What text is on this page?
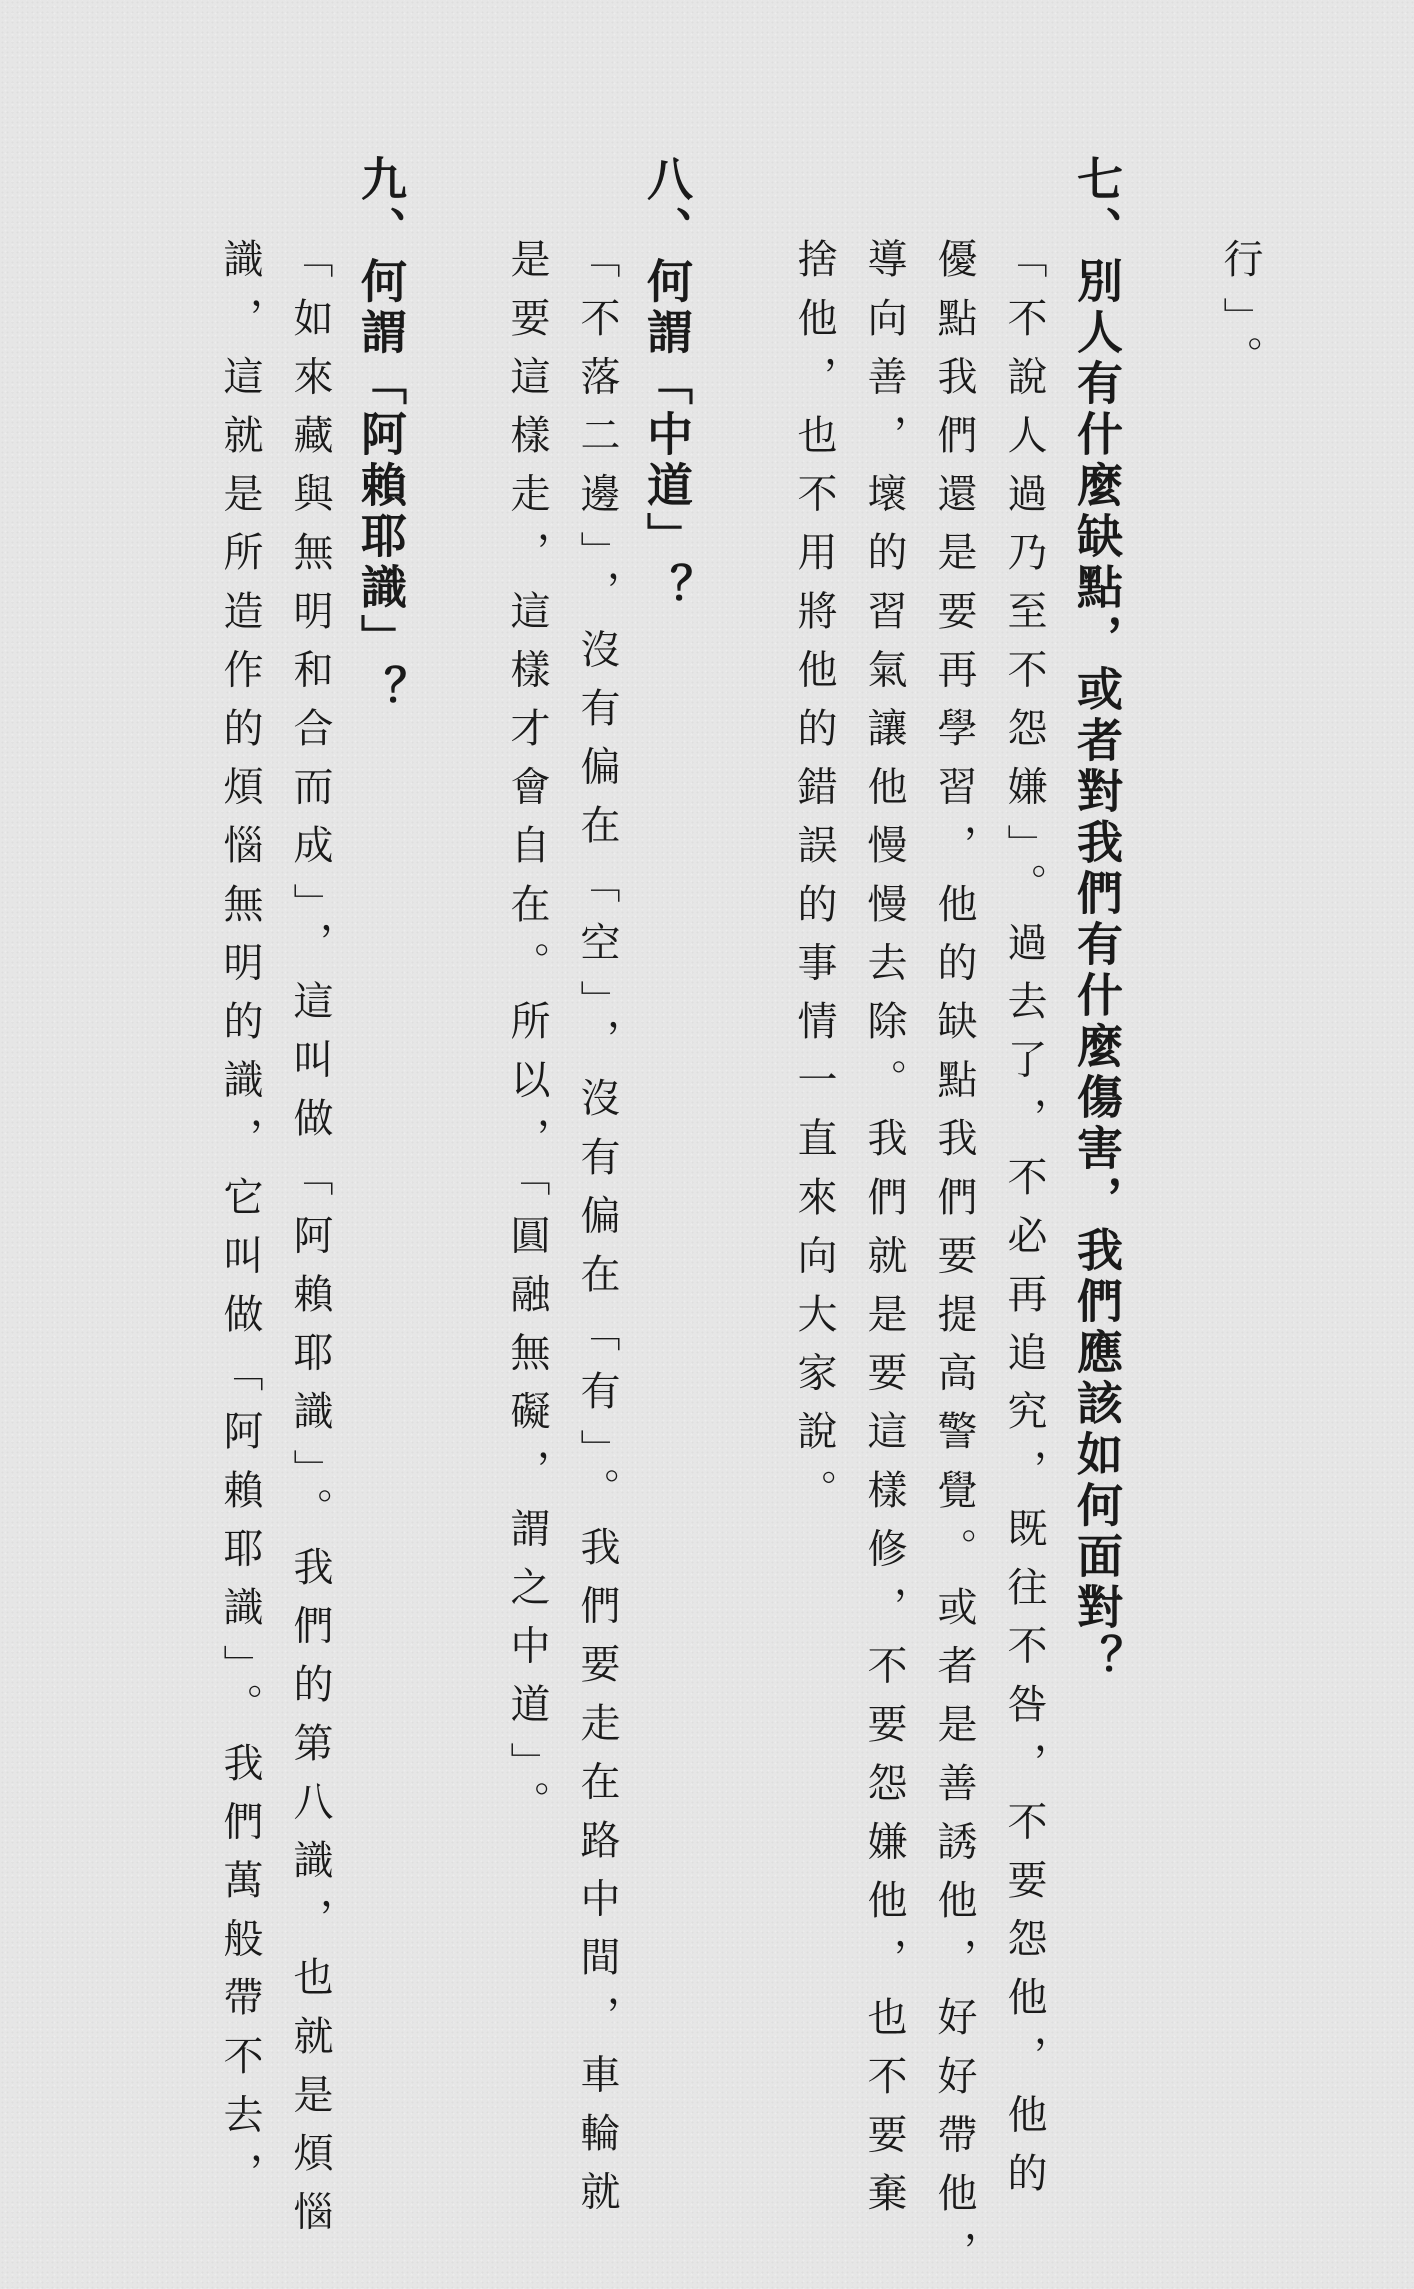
行」。
七、別人有什麼缺點，或者對我們有什麼傷害，我們應該如何面對？
「不說人過乃至不怨嫌」。過去了，不必再追究，既往不咎，不要怨他，他的
優點我們還是要再學習，他的缺點我們要提高警覺。或者是善誘他，好好帶他，
導向善，壞的習氣讓他慢慢去除。我們就是要這樣修，不要怨嫌他，也不要棄
捨他，也不用將他的錯誤的事情一直來向大家說。
八、何謂「中道」？
「不落二邊」，沒有偏在「空」，沒有偏在「有」。我們要走在路中間，車輪就
是要這樣走，這樣才會自在。所以，「圓融無礙，謂之中道」。
九、何謂「阿賴耶識」？
「如來藏與無明和合而成」，這叫做「阿賴耶識」。我們的第八識，也就是煩惱
識，這就是所造作的煩惱無明的識，它叫做「阿賴耶識」。我們萬般帶不去，
